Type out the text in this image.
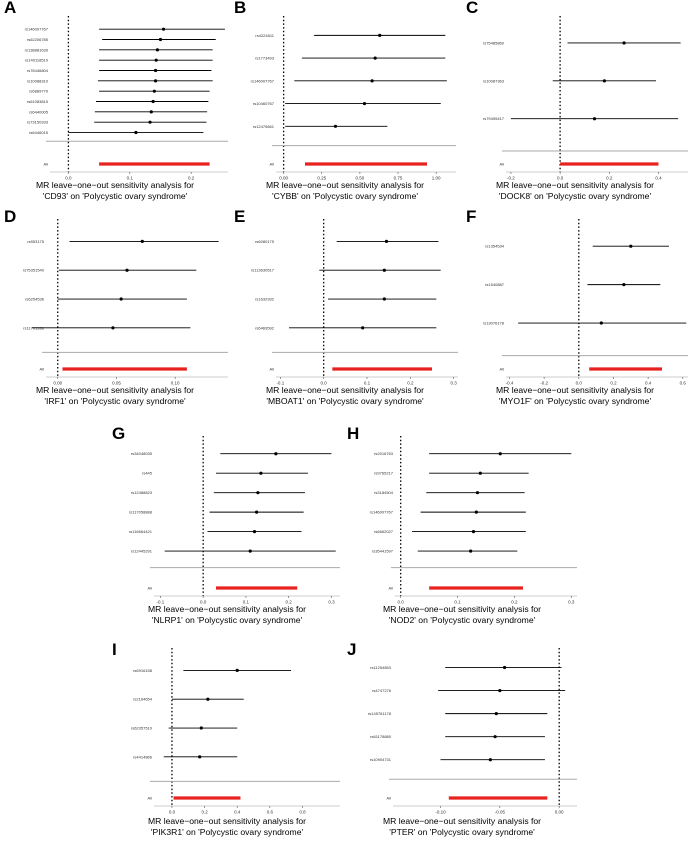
A
rs146007767
rs62206785
rs138881639
rs140118519
rs78446804
rs10088310
rs6889779
rs61083815
rs6440005
rs73150333
rs6446015
All
0.0	0.1	0.2
MR leave−one−out sensitivity analysis for
'CD93' on 'Polycystic ovary syndrome'
B
rs4224811
rs1773493
rs146007767
rs10460767
rs12475661
All
0.00	0.25	0.50	0.75	1.00
MR leave−one−out sensitivity analysis for
'CYBB' on 'Polycystic ovary syndrome'
C
rs75485860
rs10087363
rs79495417
All
-0.2	0.0	0.2	0.4
MR leave−one−out sensitivity analysis for
'DOCK8' on 'Polycystic ovary syndrome'
D
rs953175
rs75351540
rs6254536
rs11701286
All
0.00	0.05	0.10
MR leave−one−out sensitivity analysis for
'IRF1' on 'Polycystic ovary syndrome'
E
rs6080175
rs113630517
rs1632932
rs6469592
All
-0.1	0.0	0.1	0.2	0.3
MR leave−one−out sensitivity analysis for
'MBOAT1' on 'Polycystic ovary syndrome'
F
rs1354534
rs1540887
rs13076178
All
-0.4	-0.2	0.0	0.2	0.4	0.6
MR leave−one−out sensitivity analysis for
'MYO1F' on 'Polycystic ovary syndrome'
G
rs34048035
rs445
rs12488823
rs117058888
rs116664421
rs12445291
All
-0.1	0.0	0.1	0.2	0.3
MR leave−one−out sensitivity analysis for
'NLRP1' on 'Polycystic ovary syndrome'
H
rs2016763
rs9765217
rs3184504
rs146007767
rs6662027
rs35441597
All
0.0	0.1	0.2	0.3
MR leave−one−out sensitivity analysis for
'NOD2' on 'Polycystic ovary syndrome'
I
rs6916158
rs2164654
rs62357510
rs4414866
All
0.0	0.2	0.4	0.6	0.8
MR leave−one−out sensitivity analysis for
'PIK3R1' on 'Polycystic ovary syndrome'
J
rs11254853
rs4747276
rs145761178
rs61178880
rs10904731
All
-0.10	-0.05	0.00
MR leave−one−out sensitivity analysis for
'PTER' on 'Polycystic ovary syndrome'
